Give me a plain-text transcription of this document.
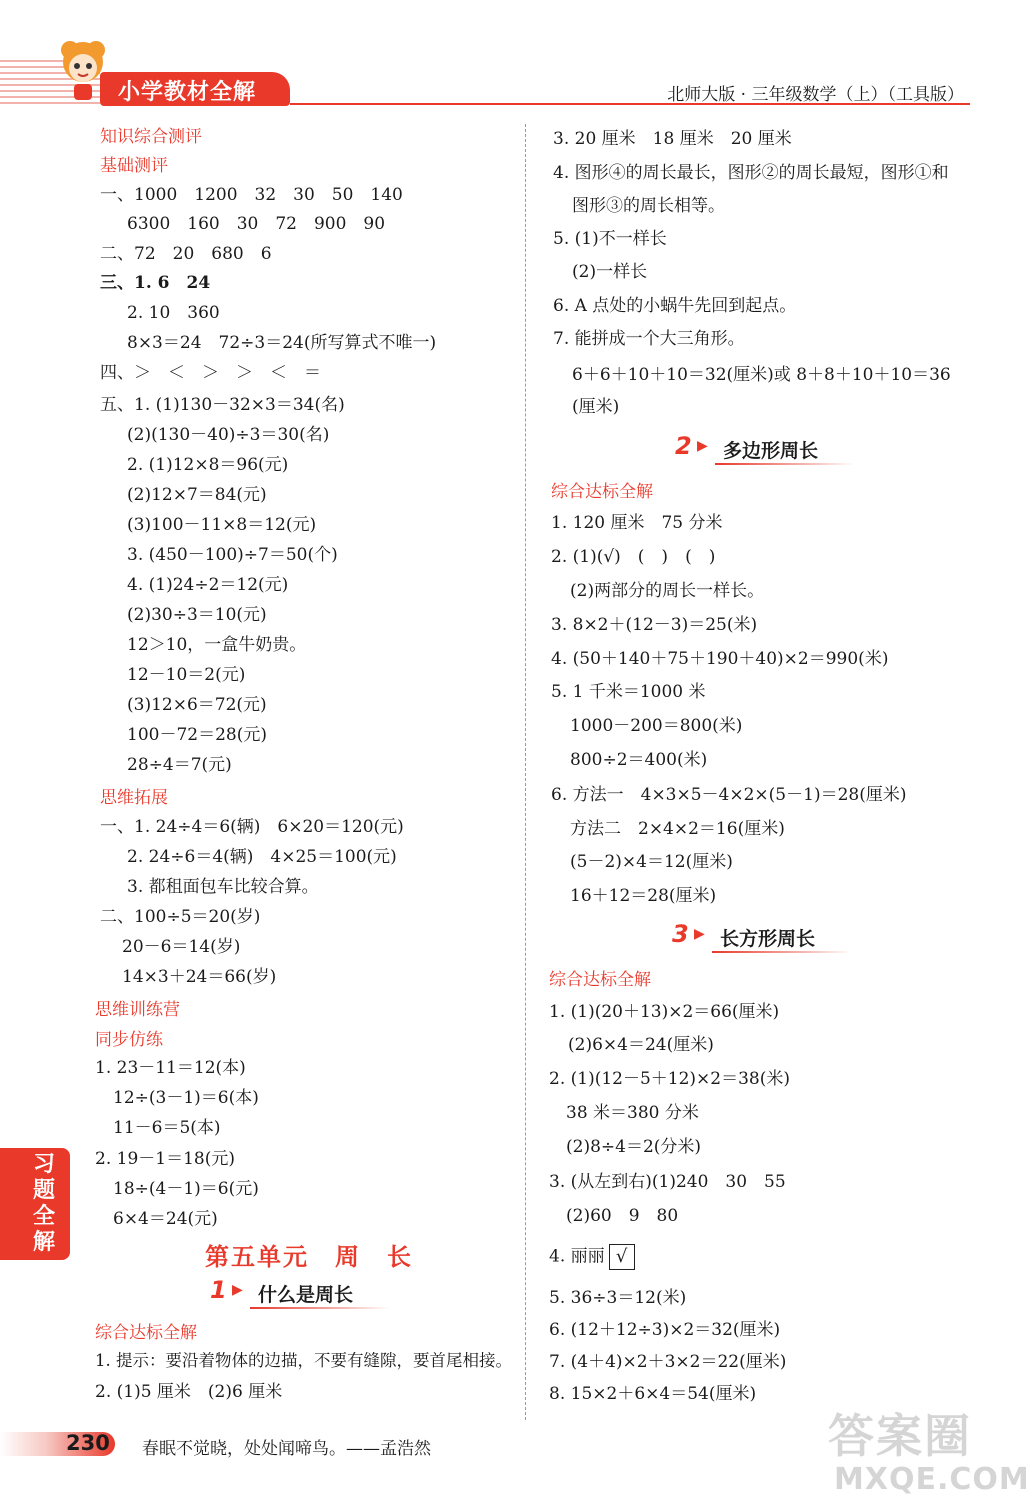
小学教材全解	北师大版 · 三年级数学（上）（工具版）
习题全解
知识综合测评
基础测评
一、1000　1200　32　30　50　140
6300　160　30　72　900　90
二、72　20　680　6
三、1. 6　24
2. 10　360
8×3＝24　72÷3＝24(所写算式不唯一)
四、＞　＜　＞　＞　＜　＝
五、1. (1)130－32×3＝34(名)
(2)(130－40)÷3＝30(名)
2. (1)12×8＝96(元)
(2)12×7＝84(元)
(3)100－11×8＝12(元)
3. (450－100)÷7＝50(个)
4. (1)24÷2＝12(元)
(2)30÷3＝10(元)
12＞10，一盒牛奶贵。
12－10＝2(元)
(3)12×6＝72(元)
100－72＝28(元)
28÷4＝7(元)
思维拓展
一、1. 24÷4＝6(辆)　6×20＝120(元)
2. 24÷6＝4(辆)　4×25＝100(元)
3. 都租面包车比较合算。
二、100÷5＝20(岁)
20－6＝14(岁)
14×3＋24＝66(岁)
思维训练营
同步仿练
1. 23－11＝12(本)
12÷(3－1)＝6(本)
11－6＝5(本)
2. 19－1＝18(元)
18÷(4－1)＝6(元)
6×4＝24(元)
第五单元　周　长
1 ▶ 什么是周长
综合达标全解
1. 提示：要沿着物体的边描，不要有缝隙，要首尾相接。
2. (1)5 厘米　(2)6 厘米
3. 20 厘米　18 厘米　20 厘米
4. 图形④的周长最长，图形②的周长最短，图形①和
图形③的周长相等。
5. (1)不一样长
(2)一样长
6. A 点处的小蜗牛先回到起点。
7. 能拼成一个大三角形。
6＋6＋10＋10＝32(厘米)或 8＋8＋10＋10＝36
(厘米)
2 ▶ 多边形周长
综合达标全解
1. 120 厘米　75 分米
2. (1)(√)　(　)　(　)
(2)两部分的周长一样长。
3. 8×2＋(12－3)＝25(米)
4. (50＋140＋75＋190＋40)×2＝990(米)
5. 1 千米＝1000 米
1000－200＝800(米)
800÷2＝400(米)
6. 方法一　4×3×5－4×2×(5－1)＝28(厘米)
方法二　2×4×2＝16(厘米)
(5－2)×4＝12(厘米)
16＋12＝28(厘米)
3 ▶ 长方形周长
综合达标全解
1. (1)(20＋13)×2＝66(厘米)
(2)6×4＝24(厘米)
2. (1)(12－5＋12)×2＝38(米)
38 米＝380 分米
(2)8÷4＝2(分米)
3. (从左到右)(1)240　30　55
(2)60　9　80
4. 丽丽 √
5. 36÷3＝12(米)
6. (12＋12÷3)×2＝32(厘米)
7. (4＋4)×2＋3×2＝22(厘米)
8. 15×2＋6×4＝54(厘米)
230 春眠不觉晓，处处闻啼鸟。——孟浩然	答案圈
MXQE.COM
